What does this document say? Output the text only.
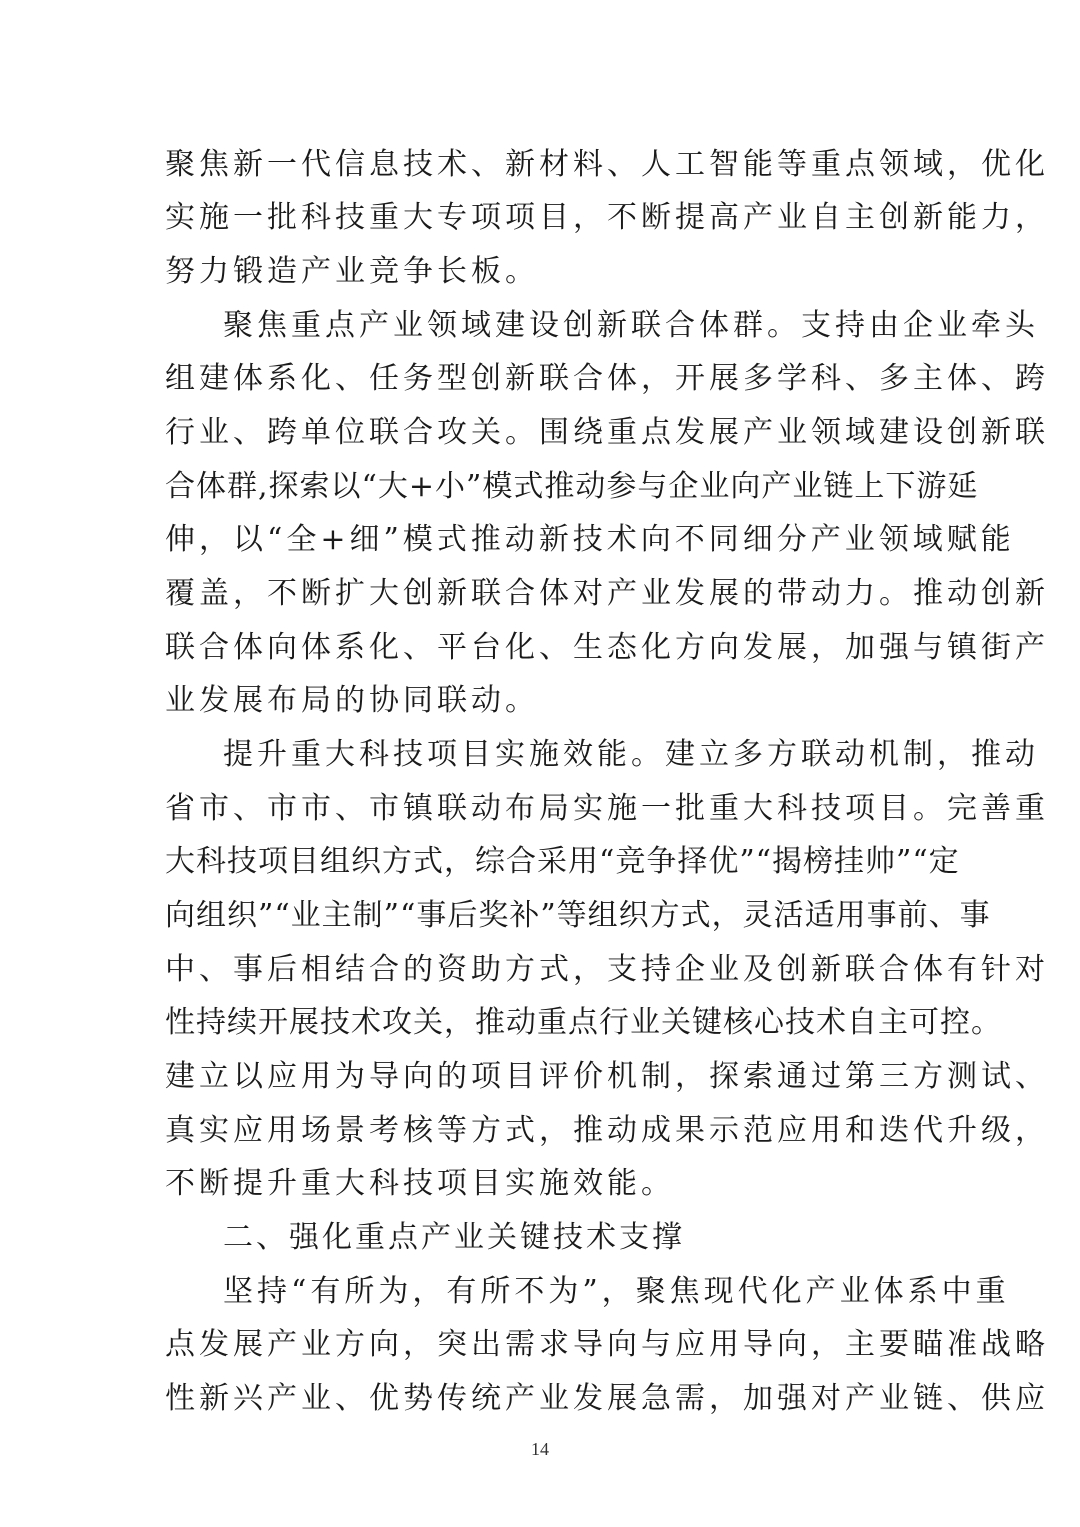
聚焦新一代信息技术、新材料、人工智能等重点领域，优化
实施一批科技重大专项项目，不断提高产业自主创新能力，
努力锻造产业竞争长板。
聚焦重点产业领域建设创新联合体群。支持由企业牵头
组建体系化、任务型创新联合体，开展多学科、多主体、跨
行业、跨单位联合攻关。围绕重点发展产业领域建设创新联
合体群,探索以“大+小”模式推动参与企业向产业链上下游延
伸，以“全+细”模式推动新技术向不同细分产业领域赋能
覆盖，不断扩大创新联合体对产业发展的带动力。推动创新
联合体向体系化、平台化、生态化方向发展，加强与镇街产
业发展布局的协同联动。
提升重大科技项目实施效能。建立多方联动机制，推动
省市、市市、市镇联动布局实施一批重大科技项目。完善重
大科技项目组织方式，综合采用“竞争择优”“揭榜挂帅”“定
向组织”“业主制”“事后奖补”等组织方式，灵活适用事前、事
中、事后相结合的资助方式，支持企业及创新联合体有针对
性持续开展技术攻关，推动重点行业关键核心技术自主可控。
建立以应用为导向的项目评价机制，探索通过第三方测试、
真实应用场景考核等方式，推动成果示范应用和迭代升级，
不断提升重大科技项目实施效能。
二、强化重点产业关键技术支撑
坚持“有所为，有所不为”，聚焦现代化产业体系中重
点发展产业方向，突出需求导向与应用导向，主要瞄准战略
性新兴产业、优势传统产业发展急需，加强对产业链、供应
14
